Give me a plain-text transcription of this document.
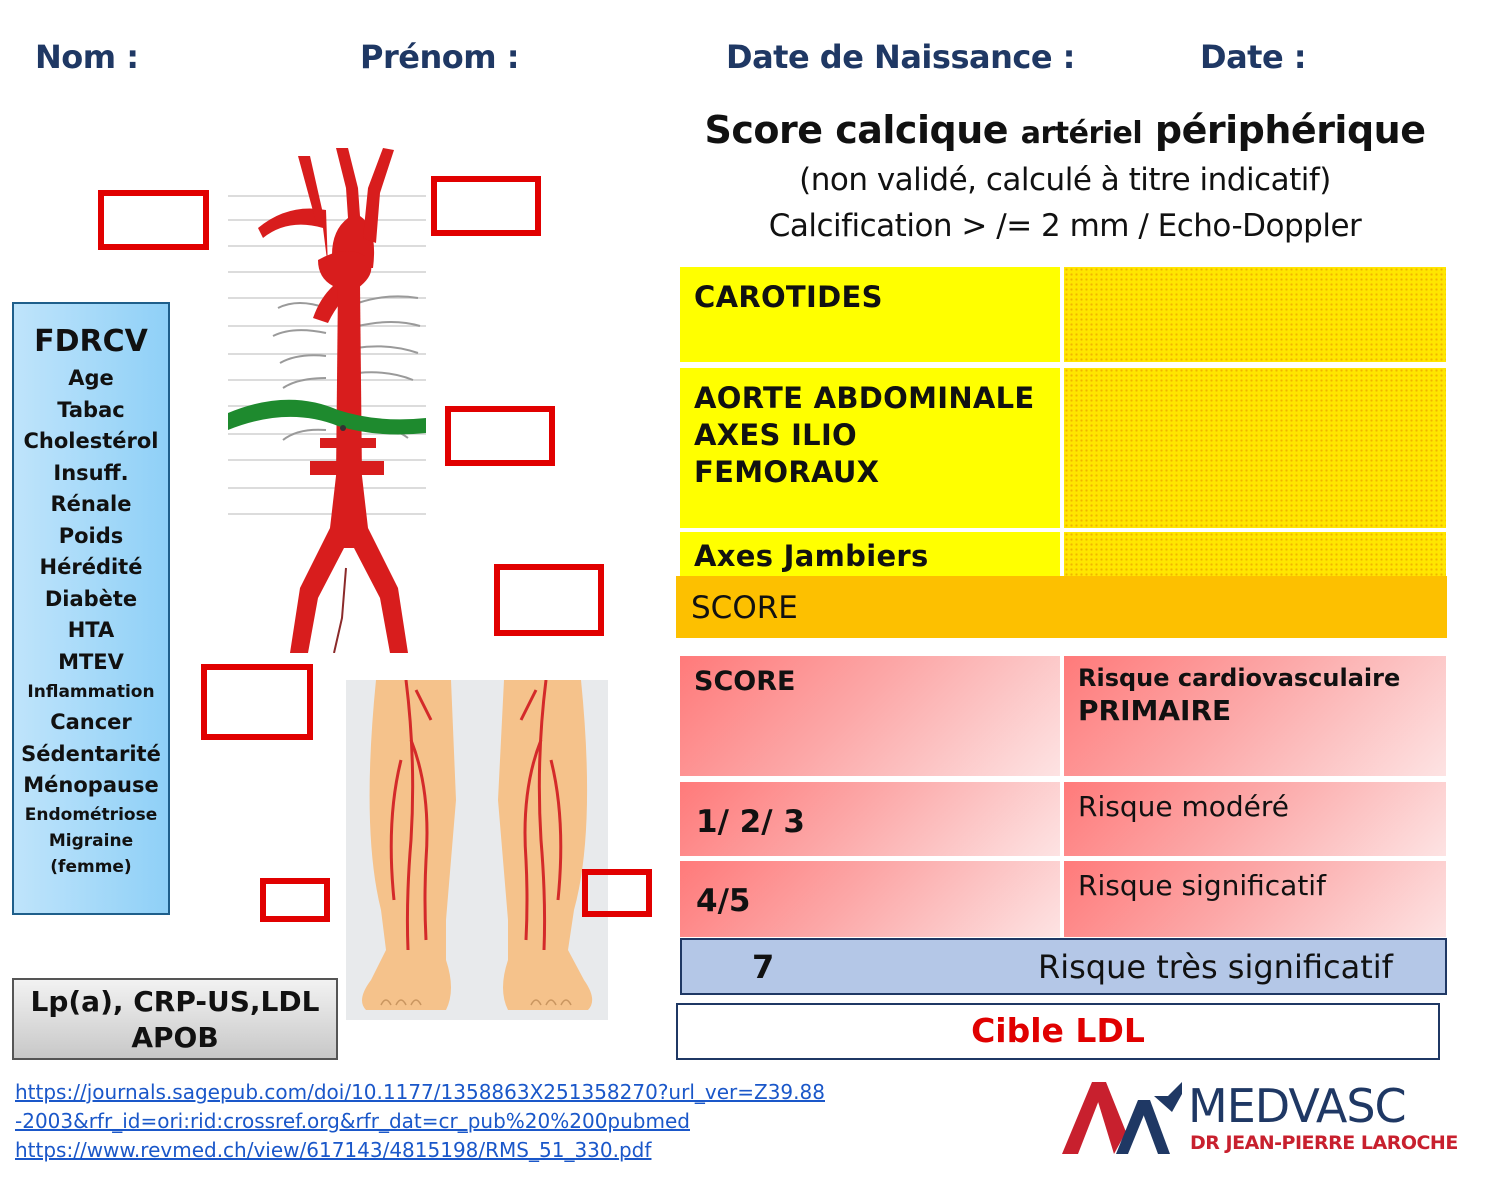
Nom :	Prénom :	Date de Naissance :	Date :
Score calcique artériel périphérique
(non validé, calculé à titre indicatif)
Calcification > /= 2 mm / Echo-Doppler
FDRCV
Age
Tabac
Cholestérol
Insuff.
Rénale
Poids
Hérédité
Diabète
HTA
MTEV
Inflammation
Cancer
Sédentarité
Ménopause
Endométriose
Migraine
(femme)
Lp(a), CRP-US,LDL
APOB
CAROTIDES
AORTE ABDOMINALE
AXES ILIO
FEMORAUX
Axes Jambiers
SCORE
SCORE	Risque cardiovasculaire
PRIMAIRE
1/ 2/ 3	Risque modéré
4/5	Risque significatif
7	Risque très significatif
Cible LDL
https://journals.sagepub.com/doi/10.1177/1358863X251358270?url_ver=Z39.88
-2003&rfr_id=ori:rid:crossref.org&rfr_dat=cr_pub%20%200pubmed
https://www.revmed.ch/view/617143/4815198/RMS_51_330.pdf
MEDVASC
DR JEAN-PIERRE LAROCHE
